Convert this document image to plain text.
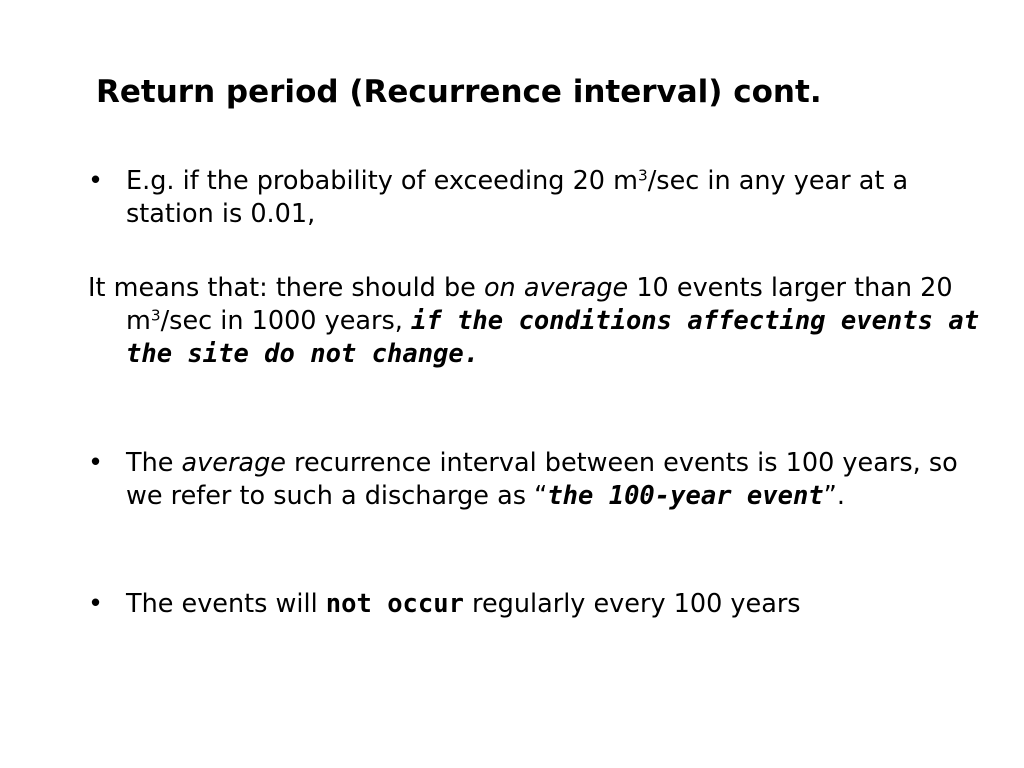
Return period (Recurrence interval) cont.
• E.g. if the probability of exceeding 20 $m^3/\sec$ in any year at a station is 0.01,
It means that: there should be on average 10 events larger than 20 $m^3/\sec$ in 1000 years, if the conditions affecting events at the site do not change.
• The average recurrence interval between events is 100 years, so we refer to such a discharge as “the 100-year event”.
• The events will not occur regularly every 100 years
